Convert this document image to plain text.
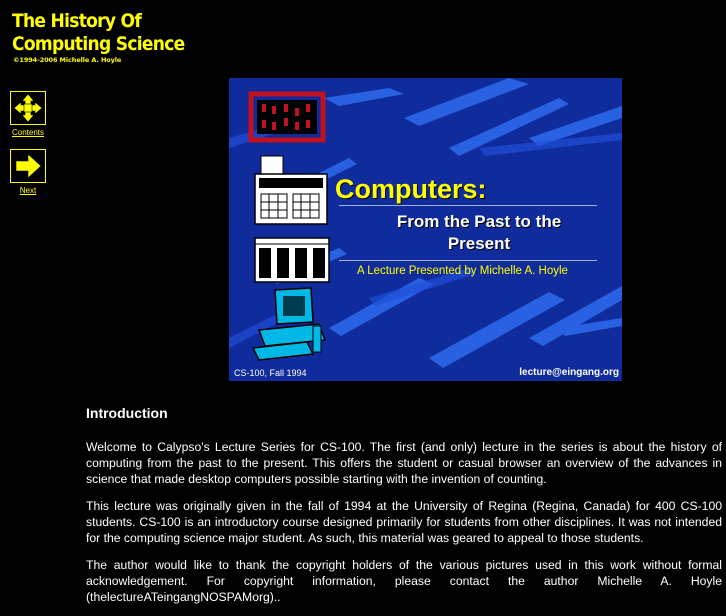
The History Of
Computing Science
©1994-2006 Michelle A. Hoyle
Contents
Next	Computers:
From the Past to the
Present
A Lecture Presented by Michelle A. Hoyle
CS-100, Fall 1994	lecture@eingang.org
Introduction

Welcome to Calypso's Lecture Series for CS-100. The first (and only) lecture in the series is about the history of computing from the past to the present. This offers the student or casual browser an overview of the advances in science that made desktop computers possible starting with the invention of counting.

This lecture was originally given in the fall of 1994 at the University of Regina (Regina, Canada) for 400 CS-100 students. CS-100 is an introductory course designed primarily for students from other disciplines. It was not intended for the computing science major student. As such, this material was geared to appeal to those students.

The author would like to thank the copyright holders of the various pictures used in this work without formal acknowledgement. For copyright information, please contact the author Michelle A. Hoyle (thelectureATeingangNOSPAMorg)..
